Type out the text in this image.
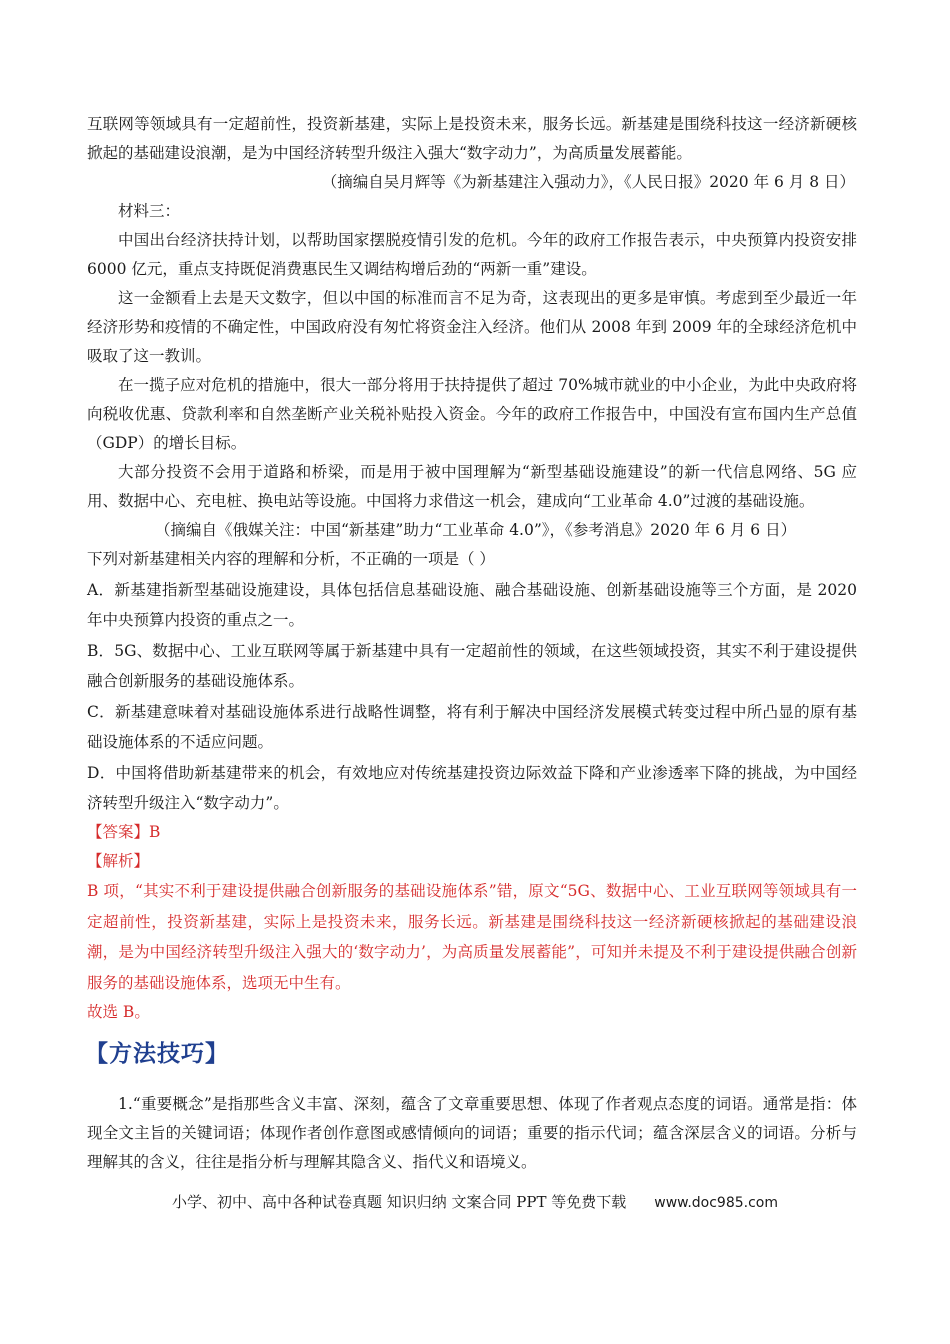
互联网等领域具有一定超前性，投资新基建，实际上是投资未来，服务长远。新基建是围绕科技这一经济新硬核掀起的基础建设浪潮，是为中国经济转型升级注入强大“数字动力”，为高质量发展蓄能。

（摘编自吴月辉等《为新基建注入强动力》，《人民日报》2020 年 6 月 8 日）

材料三：

中国出台经济扶持计划，以帮助国家摆脱疫情引发的危机。今年的政府工作报告表示，中央预算内投资安排 6000 亿元，重点支持既促消费惠民生又调结构增后劲的“两新一重”建设。

这一金额看上去是天文数字，但以中国的标准而言不足为奇，这表现出的更多是审慎。考虑到至少最近一年经济形势和疫情的不确定性，中国政府没有匆忙将资金注入经济。他们从 2008 年到 2009 年的全球经济危机中吸取了这一教训。

在一揽子应对危机的措施中，很大一部分将用于扶持提供了超过 70%城市就业的中小企业，为此中央政府将向税收优惠、贷款利率和自然垄断产业关税补贴投入资金。今年的政府工作报告中，中国没有宣布国内生产总值（GDP）的增长目标。

大部分投资不会用于道路和桥梁，而是用于被中国理解为“新型基础设施建设”的新一代信息网络、5G 应用、数据中心、充电桩、换电站等设施。中国将力求借这一机会，建成向“工业革命 4.0”过渡的基础设施。

（摘编自《俄媒关注：中国“新基建”助力“工业革命 4.0”》，《参考消息》2020 年 6 月 6 日）

下列对新基建相关内容的理解和分析，不正确的一项是（ ）

A．新基建指新型基础设施建设，具体包括信息基础设施、融合基础设施、创新基础设施等三个方面，是 2020 年中央预算内投资的重点之一。

B．5G、数据中心、工业互联网等属于新基建中具有一定超前性的领域，在这些领域投资，其实不利于建设提供融合创新服务的基础设施体系。

C．新基建意味着对基础设施体系进行战略性调整，将有利于解决中国经济发展模式转变过程中所凸显的原有基础设施体系的不适应问题。

D．中国将借助新基建带来的机会，有效地应对传统基建投资边际效益下降和产业渗透率下降的挑战，为中国经济转型升级注入“数字动力”。

【答案】B

【解析】

B 项，“其实不利于建设提供融合创新服务的基础设施体系”错，原文“5G、数据中心、工业互联网等领域具有一定超前性，投资新基建，实际上是投资未来，服务长远。新基建是围绕科技这一经济新硬核掀起的基础建设浪潮，是为中国经济转型升级注入强大的‘数字动力’，为高质量发展蓄能”，可知并未提及不利于建设提供融合创新服务的基础设施体系，选项无中生有。

故选 B。

【方法技巧】

1.“重要概念”是指那些含义丰富、深刻，蕴含了文章重要思想、体现了作者观点态度的词语。通常是指：体现全文主旨的关键词语；体现作者创作意图或感情倾向的词语；重要的指示代词；蕴含深层含义的词语。分析与理解其的含义，往往是指分析与理解其隐含义、指代义和语境义。

小学、初中、高中各种试卷真题 知识归纳 文案合同 PPT 等免费下载 www.doc985.com
